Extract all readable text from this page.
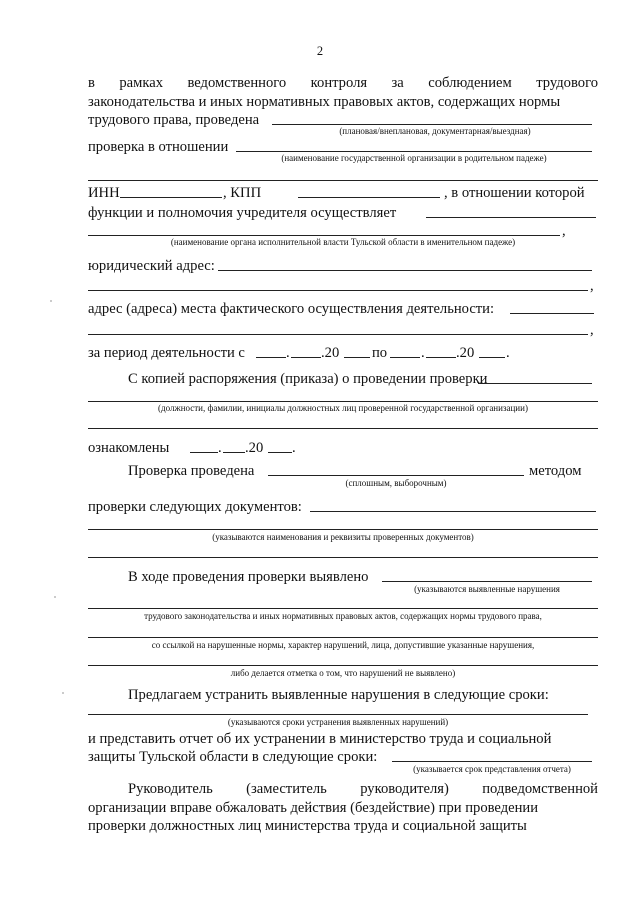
2
в рамках ведомственного контроля за соблюдением трудового
законодательства и иных нормативных правовых актов, содержащих нормы
трудового права, проведена
(плановая/внеплановая, документарная/выездная)
проверка в отношении
(наименование государственной организации в родительном падеже)
ИНН	, КПП	, в отношении которой
функции и полномочия учредителя осуществляет
,
(наименование органа исполнительной власти Тульской области в именительном падеже)
юридический адрес:
,
адрес (адреса) места фактического осуществления деятельности:
,
за период деятельности с	. .20 по . .20 .
С копией распоряжения (приказа) о проведении проверки
(должности, фамилии, инициалы должностных лиц проверенной государственной организации)
ознакомлены	. .20 .
Проверка проведена	методом
(сплошным, выборочным)
проверки следующих документов:
(указываются наименования и реквизиты проверенных документов)
В ходе проведения проверки выявлено
(указываются выявленные нарушения
трудового законодательства и иных нормативных правовых актов, содержащих нормы трудового права,
со ссылкой на нарушенные нормы, характер нарушений, лица, допустившие указанные нарушения,
либо делается отметка о том, что нарушений не выявлено)
Предлагаем устранить выявленные нарушения в следующие сроки:
(указываются сроки устранения выявленных нарушений)
и представить отчет об их устранении в министерство труда и социальной
защиты Тульской области в следующие сроки:
(указывается срок представления отчета)
Руководитель (заместитель руководителя) подведомственной
организации вправе обжаловать действия (бездействие) при проведении
проверки должностных лиц министерства труда и социальной защиты
